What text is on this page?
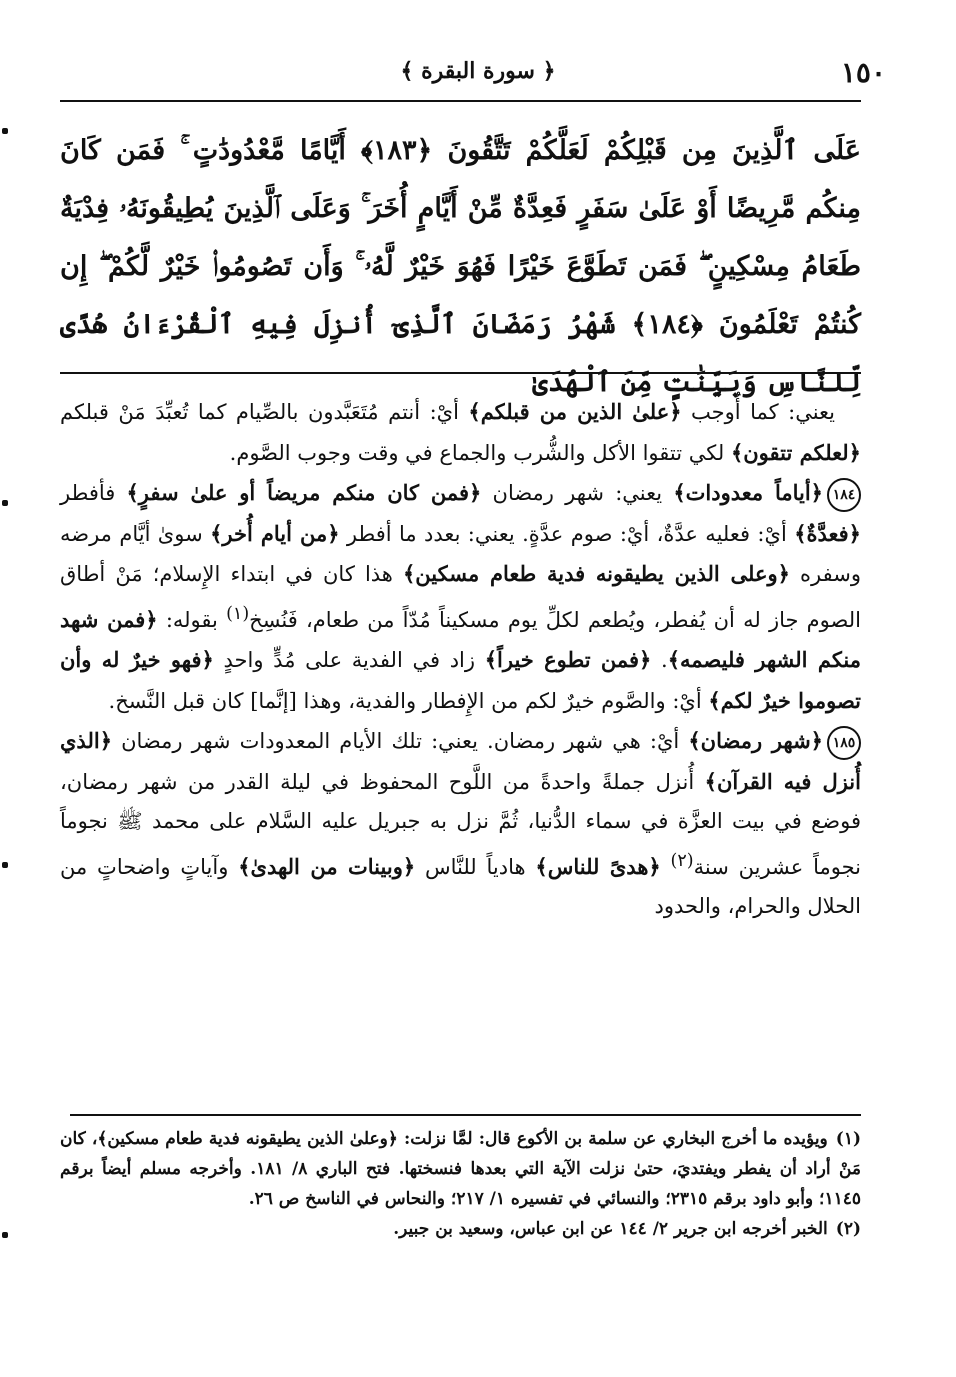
١٥٠
﴿ سورة البقرة ﴾
عَلَى ٱلَّذِينَ مِن قَبْلِكُمْ لَعَلَّكُمْ تَتَّقُونَ ﴿١٨٣﴾ أَيَّامًا مَّعْدُودَٰتٍ ۚ فَمَن كَانَ مِنكُم مَّرِيضًا أَوْ عَلَىٰ سَفَرٍ فَعِدَّةٌ مِّنْ أَيَّامٍ أُخَرَ ۚ وَعَلَى ٱلَّذِينَ يُطِيقُونَهُۥ فِدْيَةٌ طَعَامُ مِسْكِينٍ ۖ فَمَن تَطَوَّعَ خَيْرًا فَهُوَ خَيْرٌ لَّهُۥ ۚ وَأَن تَصُومُوا۟ خَيْرٌ لَّكُمْ ۖ إِن كُنتُمْ تَعْلَمُونَ ﴿١٨٤﴾ شَهْرُ رَمَضَانَ ٱلَّذِىٓ أُنزِلَ فِيهِ ٱلْقُرْءَانُ هُدًى لِّلنَّاسِ وَبَيِّنَٰتٍ مِّنَ ٱلْهُدَىٰ

يعني: كما أُوجب ﴿علىٰ الذين من قبلكم﴾ أيْ: أنتم مُتَعَبَّدون بالصِّيام كما تُعبِّدَ مَنْ قبلكم ﴿لعلكم تتقون﴾ لكي تتقوا الأكل والشُّرب والجماع في وقت وجوب الصَّوم.

١٨٤﴿أياماً معدودات﴾ يعني: شهر رمضان ﴿فمن كان منكم مريضاً أو علىٰ سفرٍ﴾ فأفطر ﴿فعدَّةٌ﴾ أيْ: فعليه عدَّةٌ، أيْ: صوم عدَّةٍ. يعني: بعدد ما أفطر ﴿من أيام أُخر﴾ سوىٰ أيَّام مرضه وسفره ﴿وعلى الذين يطيقونه فدية طعام مسكين﴾ هذا كان في ابتداء الإِسلام؛ مَنْ أطاق الصوم جاز له أن يُفطر، ويُطعم لكلِّ يوم مسكيناً مُدّاً من طعام، فَنُسِخ$^{(١)}$ بقوله: ﴿فمن شهد منكم الشهر فليصمه﴾. ﴿فمن تطوع خيراً﴾ زاد في الفدية على مُدٍّ واحدٍ ﴿فهو خيرٌ له وأن تصوموا خيرٌ لكم﴾ أيْ: والصَّوم خيرٌ لكم من الإِفطار والفدية، وهذا [إنَّما] كان قبل النَّسخ.

١٨٥﴿شهر رمضان﴾ أيْ: هي شهر رمضان. يعني: تلك الأيام المعدودات شهر رمضان ﴿الذي أُنزل فيه القرآن﴾ أُنزل جملةً واحدةً من اللَّوح المحفوظ في ليلة القدر من شهر رمضان، فوضع في بيت العزَّة في سماء الدُّنيا، ثُمَّ نزل به جبريل عليه السَّلام على محمد ﷺ نجوماً نجوماً عشرين سنة$^{(٢)}$ ﴿هدىً للناس﴾ هادياً للنَّاس ﴿وبينات من الهدىٰ﴾ وآياتٍ واضحاتٍ من الحلال والحرام، والحدود

(١)ويؤيده ما أخرج البخاري عن سلمة بن الأكوع قال: لمَّا نزلت: ﴿وعلىٰ الذين يطيقونه فدية طعام مسكين﴾، كان مَنْ أراد أن يفطر ويفتديَ، حتىٰ نزلت الآية التي بعدها فنسختها. فتح الباري ٨/ ١٨١. وأخرجه مسلم أيضاً برقم ١١٤٥؛ وأبو داود برقم ٢٣١٥؛ والنسائي في تفسيره ١/ ٢١٧؛ والنحاس في الناسخ ص ٢٦.

(٢)الخبر أخرجه ابن جرير ٢/ ١٤٤ عن ابن عباس، وسعيد بن جبير.
